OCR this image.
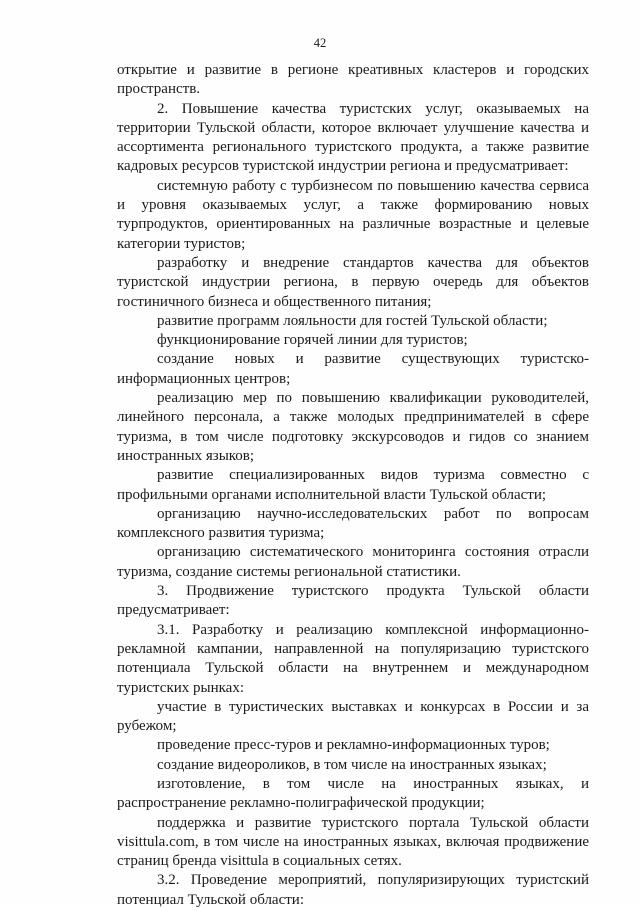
42

открытие и развитие в регионе креативных кластеров и городских пространств.

2. Повышение качества туристских услуг, оказываемых на территории Тульской области, которое включает улучшение качества и ассортимента регионального туристского продукта, а также развитие кадровых ресурсов туристской индустрии региона и предусматривает:

системную работу с турбизнесом по повышению качества сервиса и уровня оказываемых услуг, а также формированию новых турпродуктов, ориентированных на различные возрастные и целевые категории туристов;

разработку и внедрение стандартов качества для объектов туристской индустрии региона, в первую очередь для объектов гостиничного бизнеса и общественного питания;

развитие программ лояльности для гостей Тульской области;

функционирование горячей линии для туристов;

создание новых и развитие существующих туристско-информационных центров;

реализацию мер по повышению квалификации руководителей, линейного персонала, а также молодых предпринимателей в сфере туризма, в том числе подготовку экскурсоводов и гидов со знанием иностранных языков;

развитие специализированных видов туризма совместно с профильными органами исполнительной власти Тульской области;

организацию научно-исследовательских работ по вопросам комплексного развития туризма;

организацию систематического мониторинга состояния отрасли туризма, создание системы региональной статистики.

3. Продвижение туристского продукта Тульской области предусматривает:

3.1. Разработку и реализацию комплексной информационно-рекламной кампании, направленной на популяризацию туристского потенциала Тульской области на внутреннем и международном туристских рынках:

участие в туристических выставках и конкурсах в России и за рубежом;

проведение пресс-туров и рекламно-информационных туров;

создание видеороликов, в том числе на иностранных языках;

изготовление, в том числе на иностранных языках, и распространение рекламно-полиграфической продукции;

поддержка и развитие туристского портала Тульской области visittula.com, в том числе на иностранных языках, включая продвижение страниц бренда visittula в социальных сетях.

3.2. Проведение мероприятий, популяризирующих туристский потенциал Тульской области:
